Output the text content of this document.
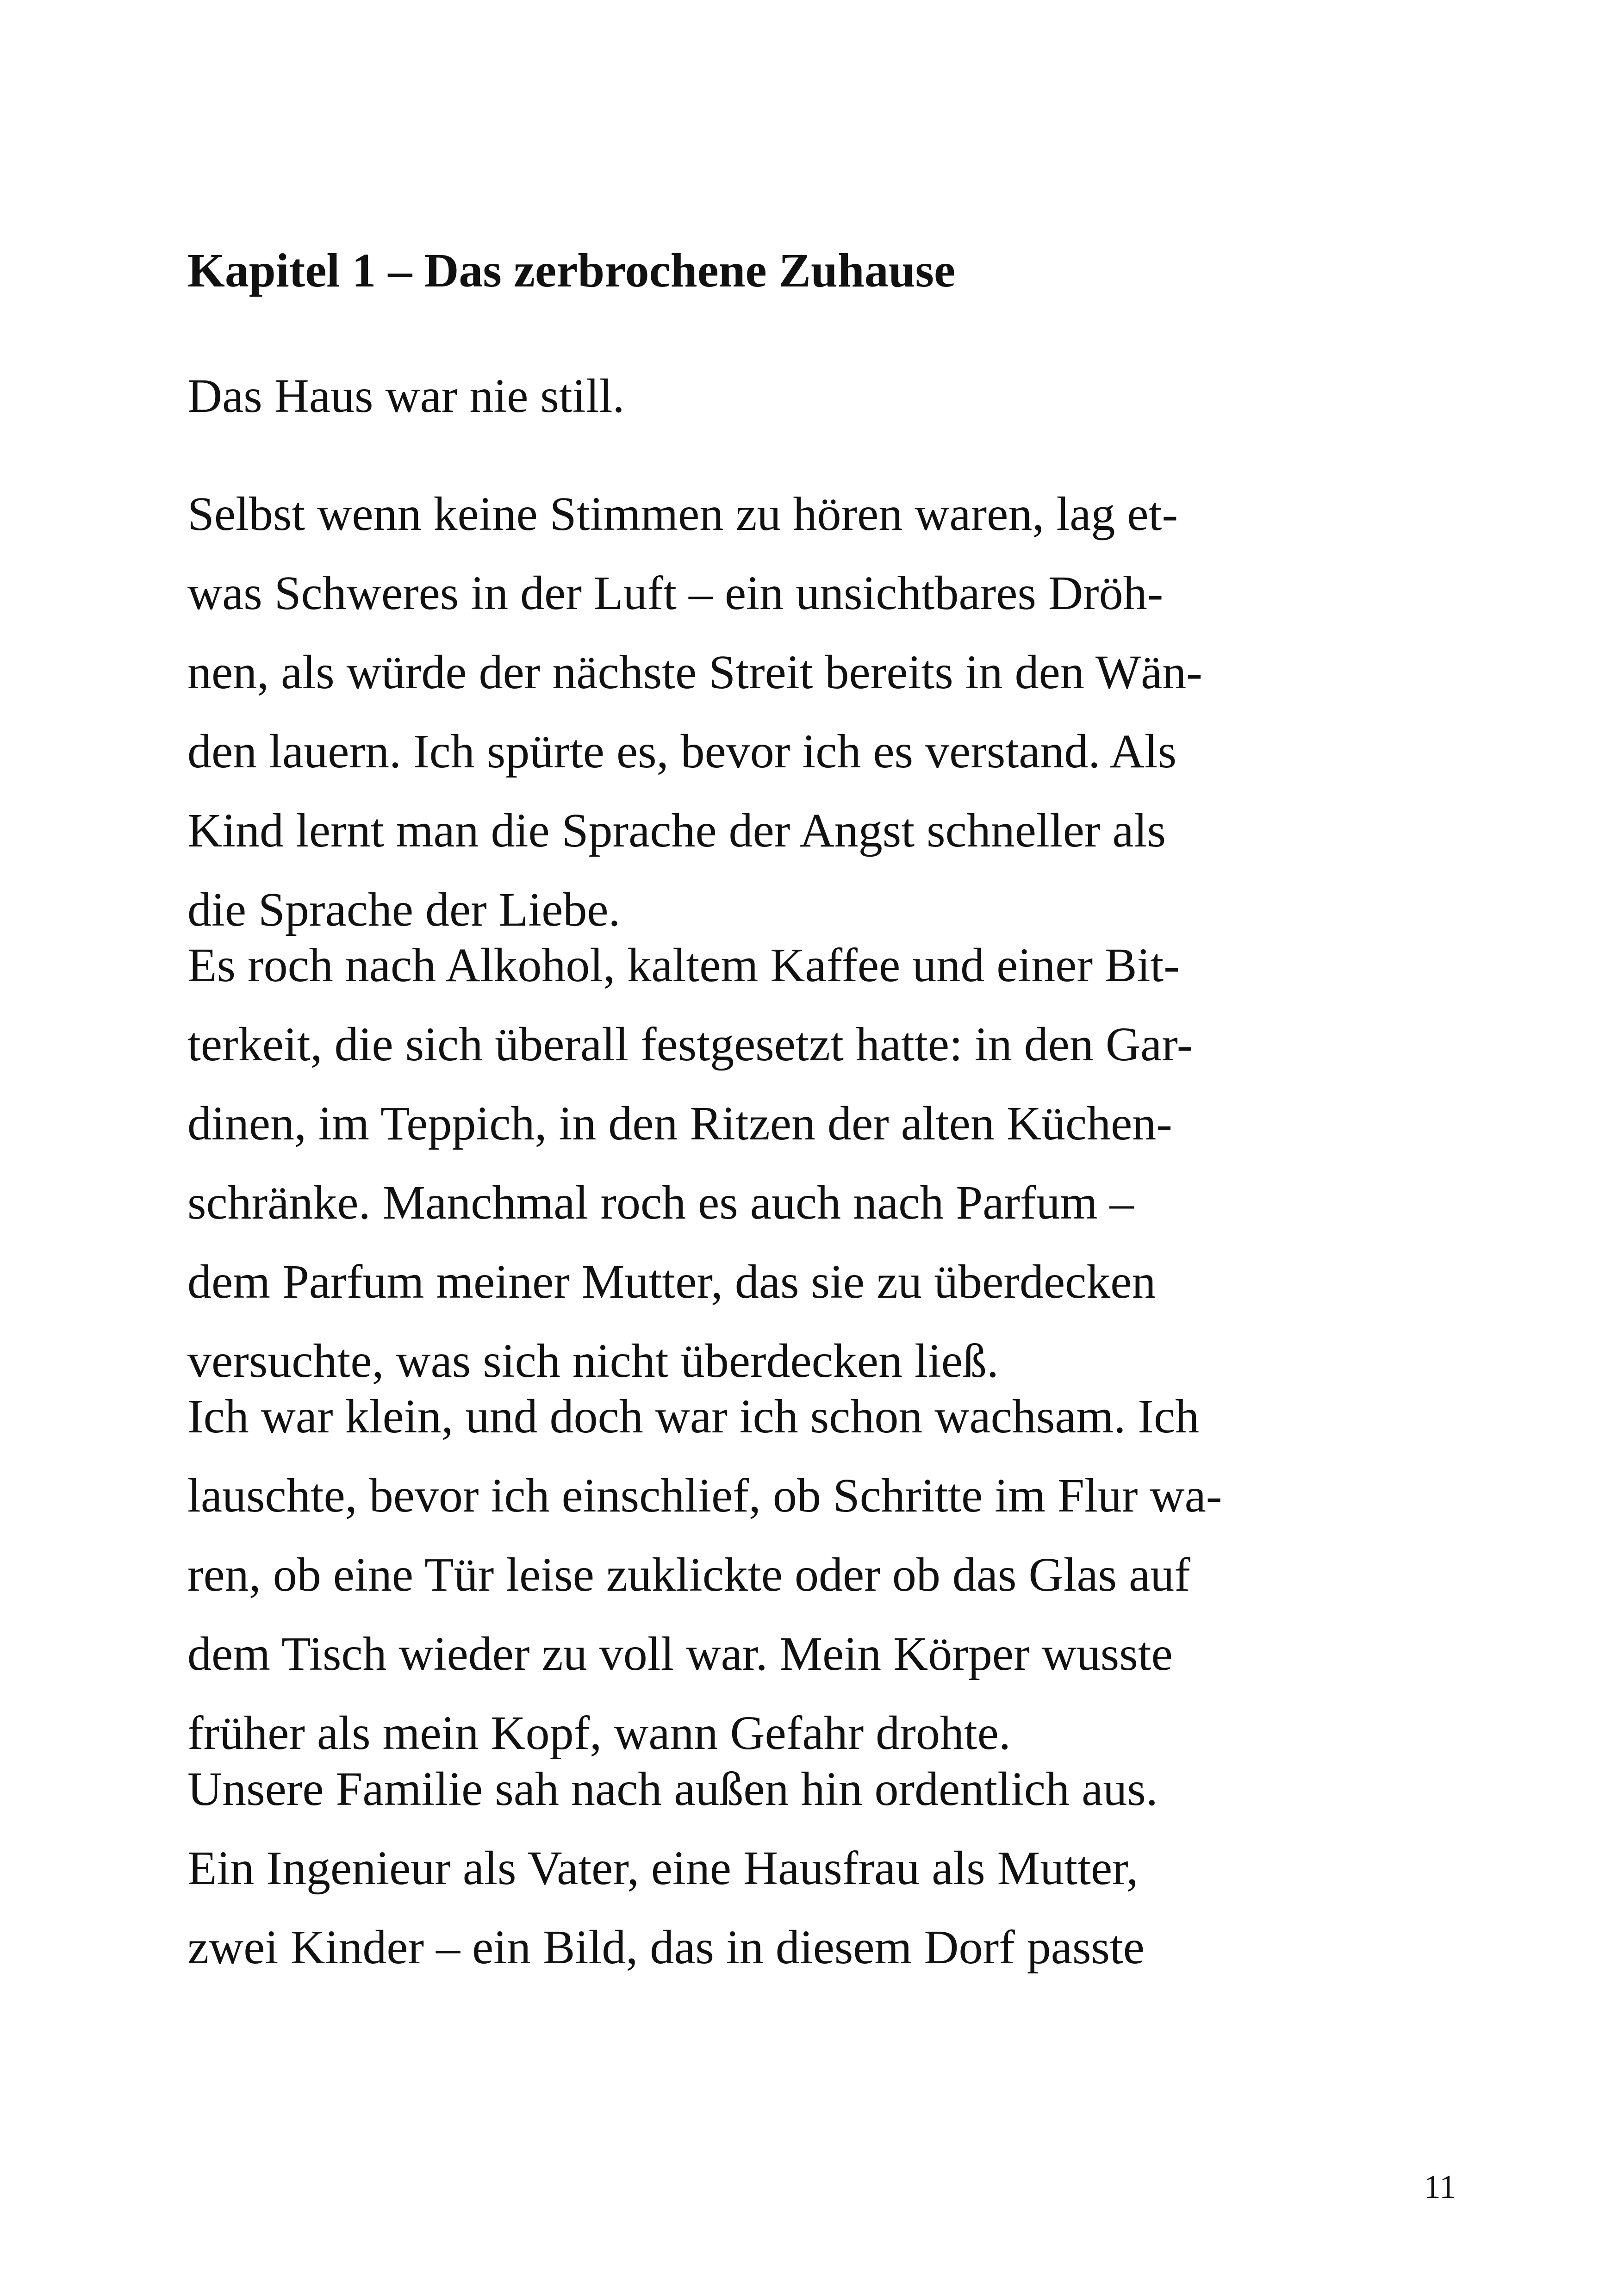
Kapitel 1 – Das zerbrochene Zuhause

Das Haus war nie still.

Selbst wenn keine Stimmen zu hören waren, lag et-
was Schweres in der Luft – ein unsichtbares Dröh-
nen, als würde der nächste Streit bereits in den Wän-
den lauern. Ich spürte es, bevor ich es verstand. Als
Kind lernt man die Sprache der Angst schneller als
die Sprache der Liebe.

Es roch nach Alkohol, kaltem Kaffee und einer Bit-
terkeit, die sich überall festgesetzt hatte: in den Gar-
dinen, im Teppich, in den Ritzen der alten Küchen-
schränke. Manchmal roch es auch nach Parfum –
dem Parfum meiner Mutter, das sie zu überdecken
versuchte, was sich nicht überdecken ließ.

Ich war klein, und doch war ich schon wachsam. Ich
lauschte, bevor ich einschlief, ob Schritte im Flur wa-
ren, ob eine Tür leise zuklickte oder ob das Glas auf
dem Tisch wieder zu voll war. Mein Körper wusste
früher als mein Kopf, wann Gefahr drohte.

Unsere Familie sah nach außen hin ordentlich aus.
Ein Ingenieur als Vater, eine Hausfrau als Mutter,
zwei Kinder – ein Bild, das in diesem Dorf passte

11
